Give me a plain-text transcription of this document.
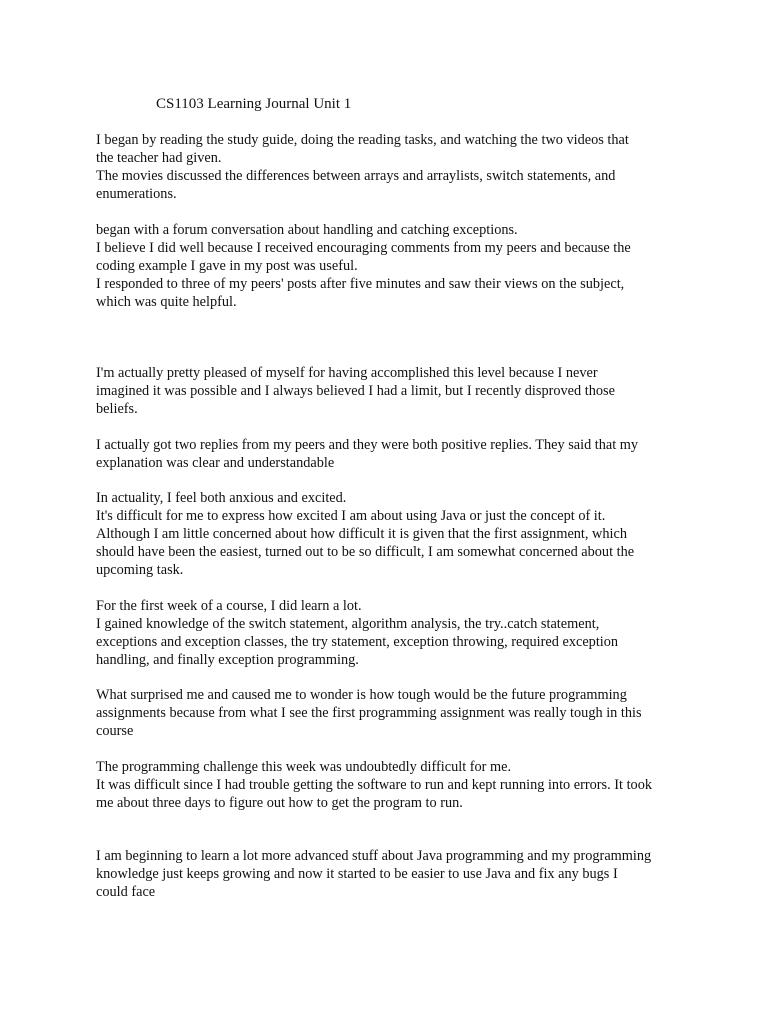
CS1103 Learning Journal Unit 1
I began by reading the study guide, doing the reading tasks, and watching the two videos that
the teacher had given.
The movies discussed the differences between arrays and arraylists, switch statements, and
enumerations.
began with a forum conversation about handling and catching exceptions.
I believe I did well because I received encouraging comments from my peers and because the
coding example I gave in my post was useful.
I responded to three of my peers' posts after five minutes and saw their views on the subject,
which was quite helpful.
I'm actually pretty pleased of myself for having accomplished this level because I never
imagined it was possible and I always believed I had a limit, but I recently disproved those
beliefs.
I actually got two replies from my peers and they were both positive replies. They said that my
explanation was clear and understandable
In actuality, I feel both anxious and excited.
It's difficult for me to express how excited I am about using Java or just the concept of it.
Although I am little concerned about how difficult it is given that the first assignment, which
should have been the easiest, turned out to be so difficult, I am somewhat concerned about the
upcoming task.
For the first week of a course, I did learn a lot.
I gained knowledge of the switch statement, algorithm analysis, the try..catch statement,
exceptions and exception classes, the try statement, exception throwing, required exception
handling, and finally exception programming.
What surprised me and caused me to wonder is how tough would be the future programming
assignments because from what I see the first programming assignment was really tough in this
course
The programming challenge this week was undoubtedly difficult for me.
It was difficult since I had trouble getting the software to run and kept running into errors. It took
me about three days to figure out how to get the program to run.
I am beginning to learn a lot more advanced stuff about Java programming and my programming
knowledge just keeps growing and now it started to be easier to use Java and fix any bugs I
could face
